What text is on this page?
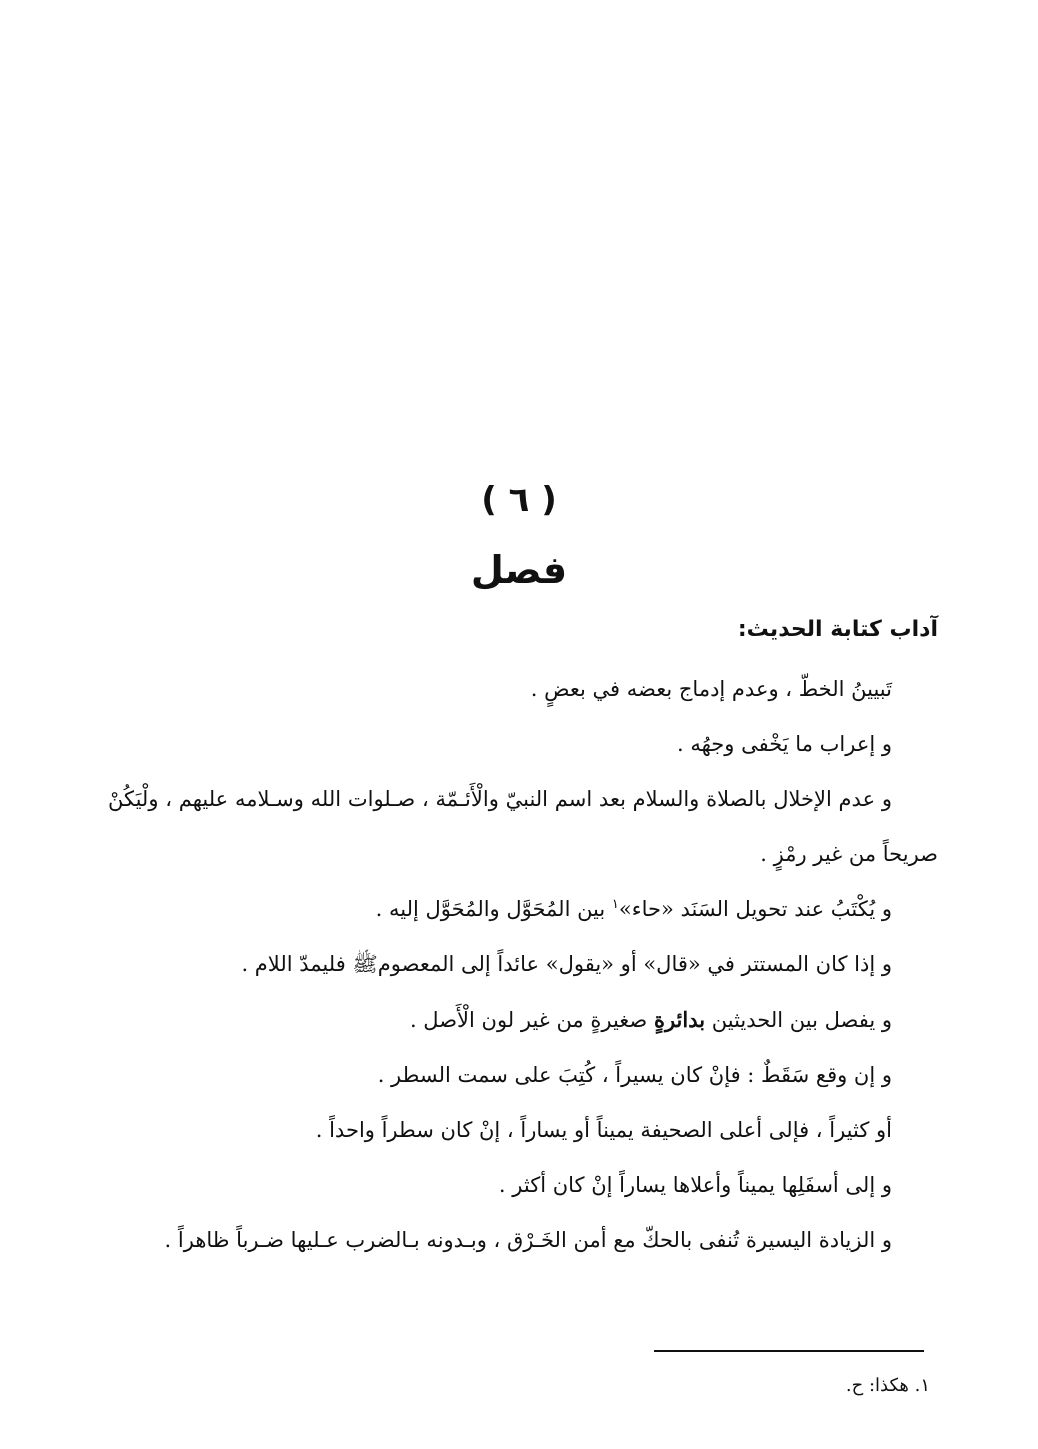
( ٦ )
فصل
آداب كتابة الحديث:

تَبيينُ الخطّ ، وعدم إدماج بعضه في بعضٍ .

و إعراب ما يَخْفى وجهُه .

و عدم الإخلال بالصلاة والسلام بعد اسم النبيّ والْأَئـمّة ، صـلوات الله وسـلامه عليهم ، ولْيَكُنْ صريحاً من غير رمْزٍ .

و يُكْتَبُ عند تحويل السَنَد «حاء»$^١$ بين المُحَوَّل والمُحَوَّل إليه .

و إذا كان المستتر في «قال» أو «يقول» عائداً إلى المعصومﷺ فليمدّ اللام .

و يفصل بين الحديثين بدائرةٍ صغيرةٍ من غير لون الْأَصل .

و إن وقع سَقَطٌ : فإنْ كان يسيراً ، كُتِبَ على سمت السطر .

أو كثيراً ، فإلى أعلى الصحيفة يميناً أو يساراً ، إنْ كان سطراً واحداً .

و إلى أسفَلِها يميناً وأعلاها يساراً إنْ كان أكثر .

و الزيادة اليسيرة تُنفى بالحكّ مع أمن الخَـرْق ، وبـدونه بـالضرب عـليها ضـرباً ظاهراً .

١. هكذا: ح.
